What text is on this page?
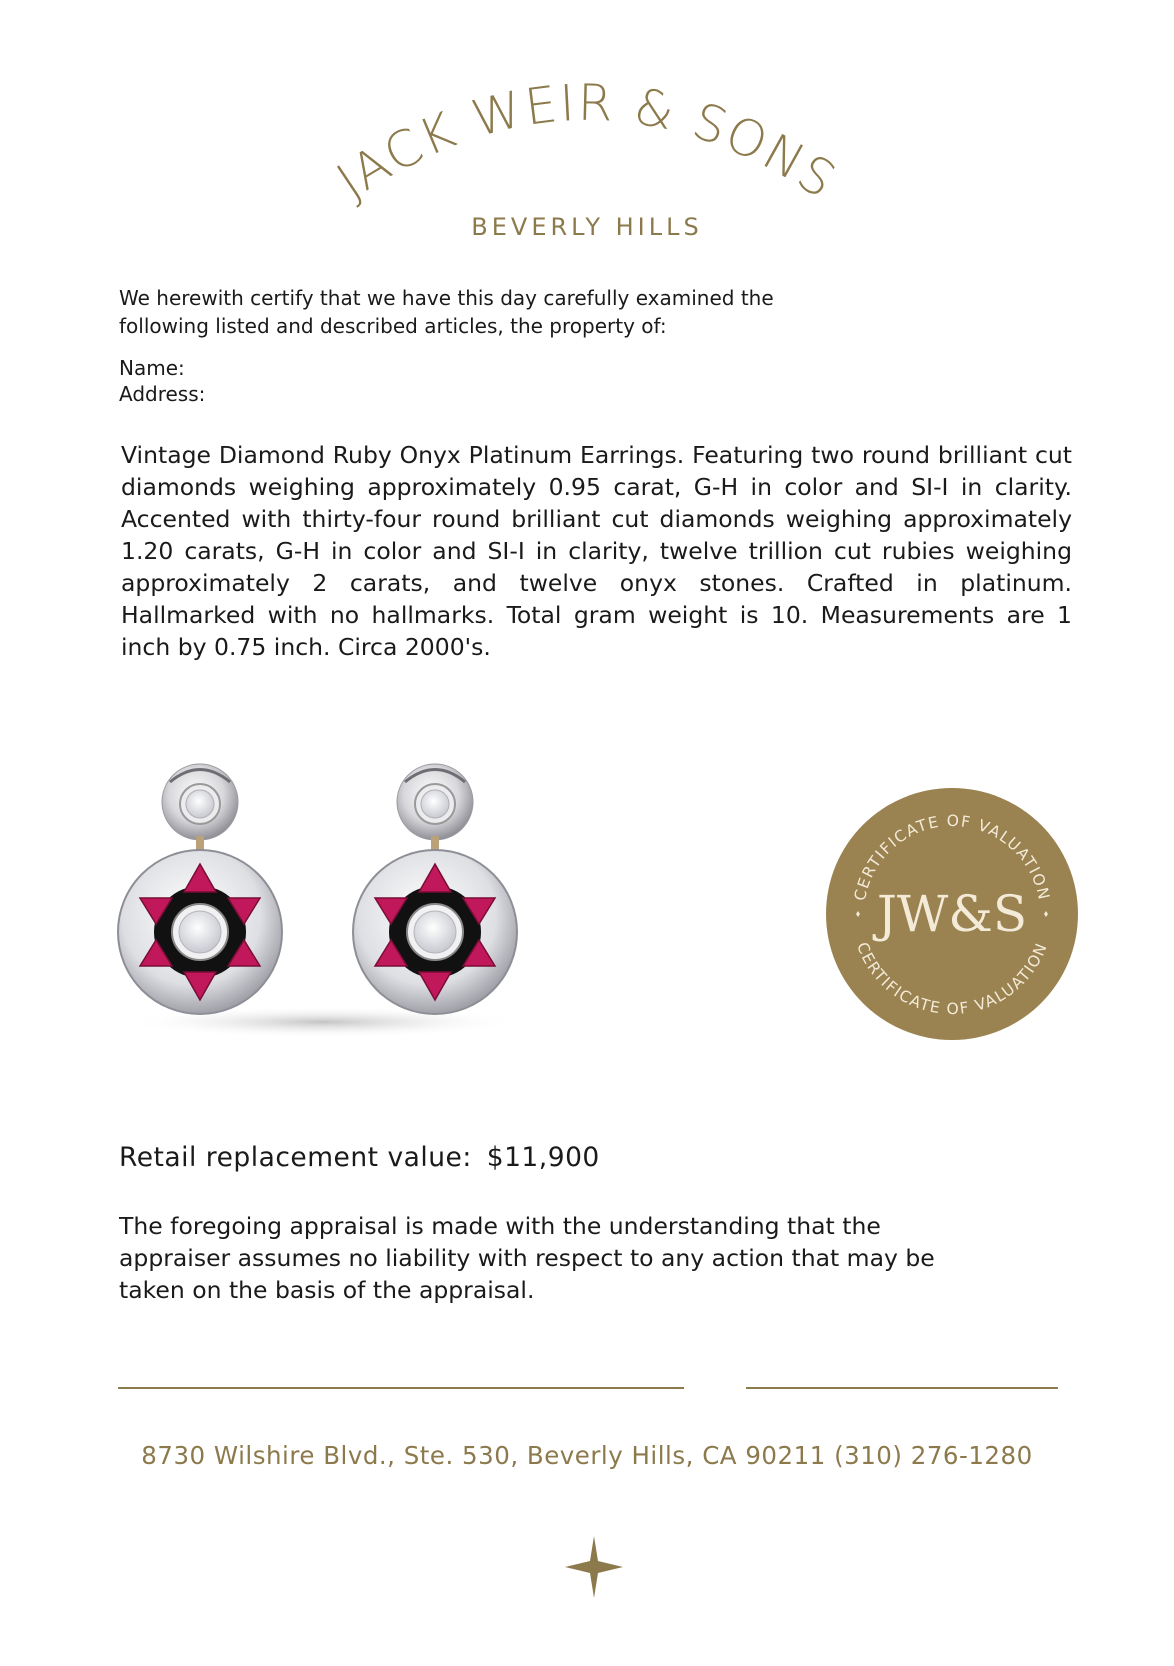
JACK WEIR & SONS
BEVERLY HILLS
We herewith certify that we have this day carefully examined the
following listed and described articles, the property of:
Name:
Address:
Vintage Diamond Ruby Onyx Platinum Earrings. Featuring two round brilliant cut diamonds weighing approximately 0.95 carat, G-H in color and SI-I in clarity. Accented with thirty-four round brilliant cut diamonds weighing approximately 1.20 carats, G-H in color and SI-I in clarity, twelve trillion cut rubies weighing approximately 2 carats, and twelve onyx stones. Crafted in platinum. Hallmarked with no hallmarks. Total gram weight is 10. Measurements are 1 inch by 0.75 inch. Circa 2000's.
CERTIFICATE OF VALUATION
CERTIFICATE OF VALUATION
JW&S
Retail replacement value: $11,900
The foregoing appraisal is made with the understanding that the
appraiser assumes no liability with respect to any action that may be
taken on the basis of the appraisal.
8730 Wilshire Blvd., Ste. 530, Beverly Hills, CA 90211 (310) 276-1280
